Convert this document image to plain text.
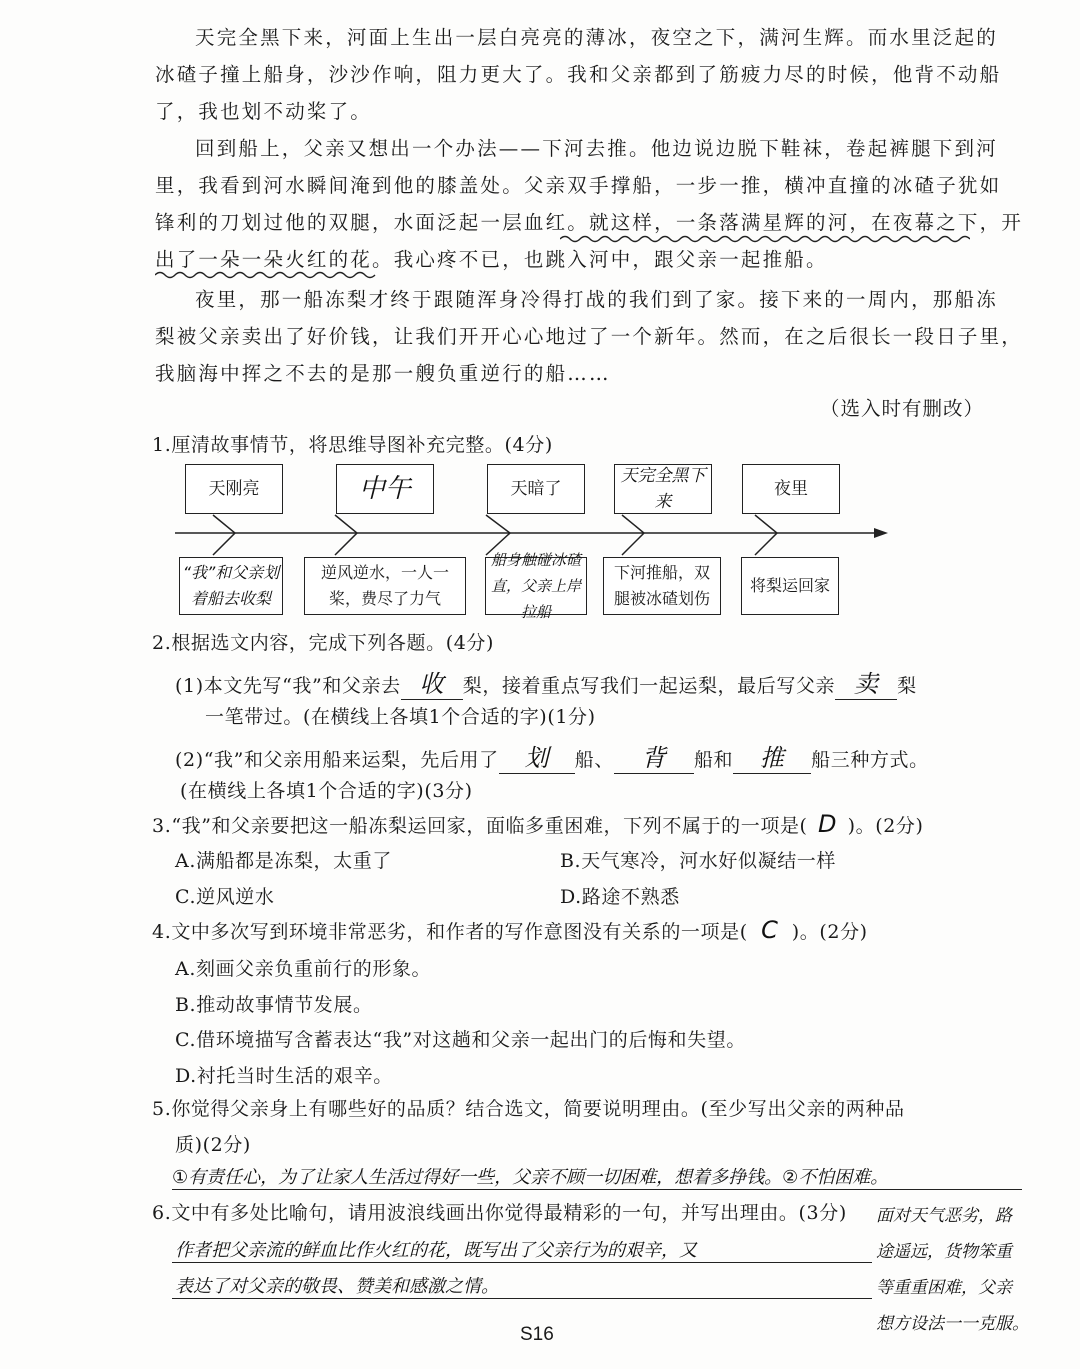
天完全黑下来，河面上生出一层白亮亮的薄冰，夜空之下，满河生辉。而水里泛起的
冰碴子撞上船身，沙沙作响，阻力更大了。我和父亲都到了筋疲力尽的时候，他背不动船
了，我也划不动桨了。
回到船上，父亲又想出一个办法——下河去推。他边说边脱下鞋袜，卷起裤腿下到河
里，我看到河水瞬间淹到他的膝盖处。父亲双手撑船，一步一推，横冲直撞的冰碴子犹如
锋利的刀划过他的双腿，水面泛起一层血红。就这样，一条落满星辉的河，在夜幕之下，开
出了一朵一朵火红的花。我心疼不已，也跳入河中，跟父亲一起推船。
夜里，那一船冻梨才终于跟随浑身冷得打战的我们到了家。接下来的一周内，那船冻
梨被父亲卖出了好价钱，让我们开开心心地过了一个新年。然而，在之后很长一段日子里，
我脑海中挥之不去的是那一艘负重逆行的船……
（选入时有删改）
1.厘清故事情节，将思维导图补充完整。(4分)
天刚亮	中午	天暗了
天完全黑下来
夜里
“我”和父亲划
着船去收梨
逆风逆水，一人一
桨，费尽了力气
船身触碰冰碴
直，父亲上岸拉船
下河推船，双
腿被冰碴划伤
将梨运回家
2.根据选文内容，完成下列各题。(4分)
(1)本文先写“我”和父亲去 收 梨，接着重点写我们一起运梨，最后写父亲 卖 梨
一笔带过。(在横线上各填1个合适的字)(1分)
(2)“我”和父亲用船来运梨，先后用了 划 船、 背 船和 推 船三种方式。
(在横线上各填1个合适的字)(3分)
3.“我”和父亲要把这一船冻梨运回家，面临多重困难，下列不属于的一项是( D )。(2分)
A.满船都是冻梨，太重了	B.天气寒冷，河水好似凝结一样
C.逆风逆水	D.路途不熟悉
4.文中多次写到环境非常恶劣，和作者的写作意图没有关系的一项是( C )。(2分)
A.刻画父亲负重前行的形象。
B.推动故事情节发展。
C.借环境描写含蓄表达“我”对这趟和父亲一起出门的后悔和失望。
D.衬托当时生活的艰辛。
5.你觉得父亲身上有哪些好的品质？结合选文，简要说明理由。(至少写出父亲的两种品
质)(2分)
①有责任心，为了让家人生活过得好一些，父亲不顾一切困难，想着多挣钱。②不怕困难。
6.文中有多处比喻句，请用波浪线画出你觉得最精彩的一句，并写出理由。(3分)
作者把父亲流的鲜血比作火红的花，既写出了父亲行为的艰辛，又
表达了对父亲的敬畏、赞美和感激之情。
面对天气恶劣，路
途遥远，货物笨重
等重重困难，父亲
想方设法一一克服。
S16
